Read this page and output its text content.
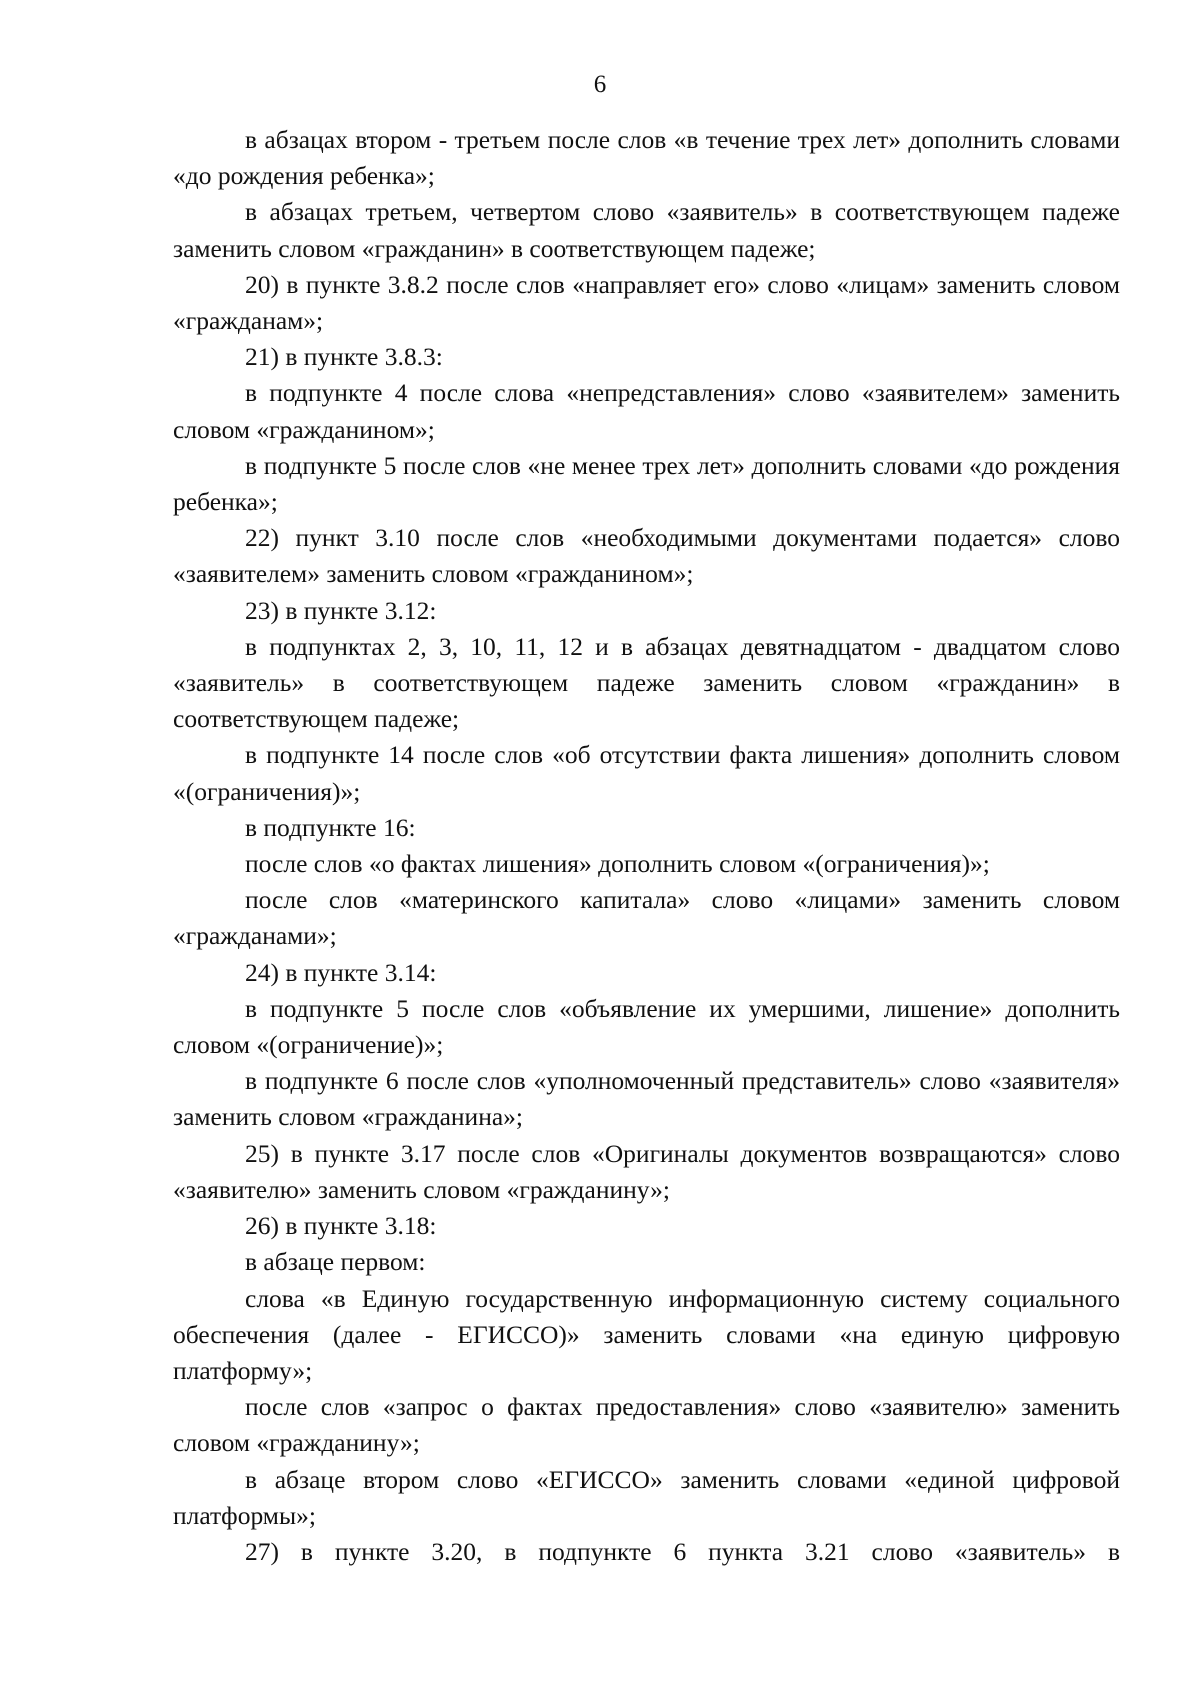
6

в абзацах втором - третьем после слов «в течение трех лет» дополнить словами «до рождения ребенка»;

в абзацах третьем, четвертом слово «заявитель» в соответствующем падеже заменить словом «гражданин» в соответствующем падеже;

20) в пункте 3.8.2 после слов «направляет его» слово «лицам» заменить словом «гражданам»;

21) в пункте 3.8.3:

в подпункте 4 после слова «непредставления» слово «заявителем» заменить словом «гражданином»;

в подпункте 5 после слов «не менее трех лет» дополнить словами «до рождения ребенка»;

22) пункт 3.10 после слов «необходимыми документами подается» слово «заявителем» заменить словом «гражданином»;

23) в пункте 3.12:

в подпунктах 2, 3, 10, 11, 12 и в абзацах девятнадцатом - двадцатом слово «заявитель» в соответствующем падеже заменить словом «гражданин» в соответствующем падеже;

в подпункте 14 после слов «об отсутствии факта лишения» дополнить словом «(ограничения)»;

в подпункте 16:

после слов «о фактах лишения» дополнить словом «(ограничения)»;

после слов «материнского капитала» слово «лицами» заменить словом «гражданами»;

24) в пункте 3.14:

в подпункте 5 после слов «объявление их умершими, лишение» дополнить словом «(ограничение)»;

в подпункте 6 после слов «уполномоченный представитель» слово «заявителя» заменить словом «гражданина»;

25) в пункте 3.17 после слов «Оригиналы документов возвращаются» слово «заявителю» заменить словом «гражданину»;

26) в пункте 3.18:

в абзаце первом:

слова «в Единую государственную информационную систему социального обеспечения (далее - ЕГИССО)» заменить словами «на единую цифровую платформу»;

после слов «запрос о фактах предоставления» слово «заявителю» заменить словом «гражданину»;

в абзаце втором слово «ЕГИССО» заменить словами «единой цифровой платформы»;

27) в пункте 3.20, в подпункте 6 пункта 3.21 слово «заявитель» в
